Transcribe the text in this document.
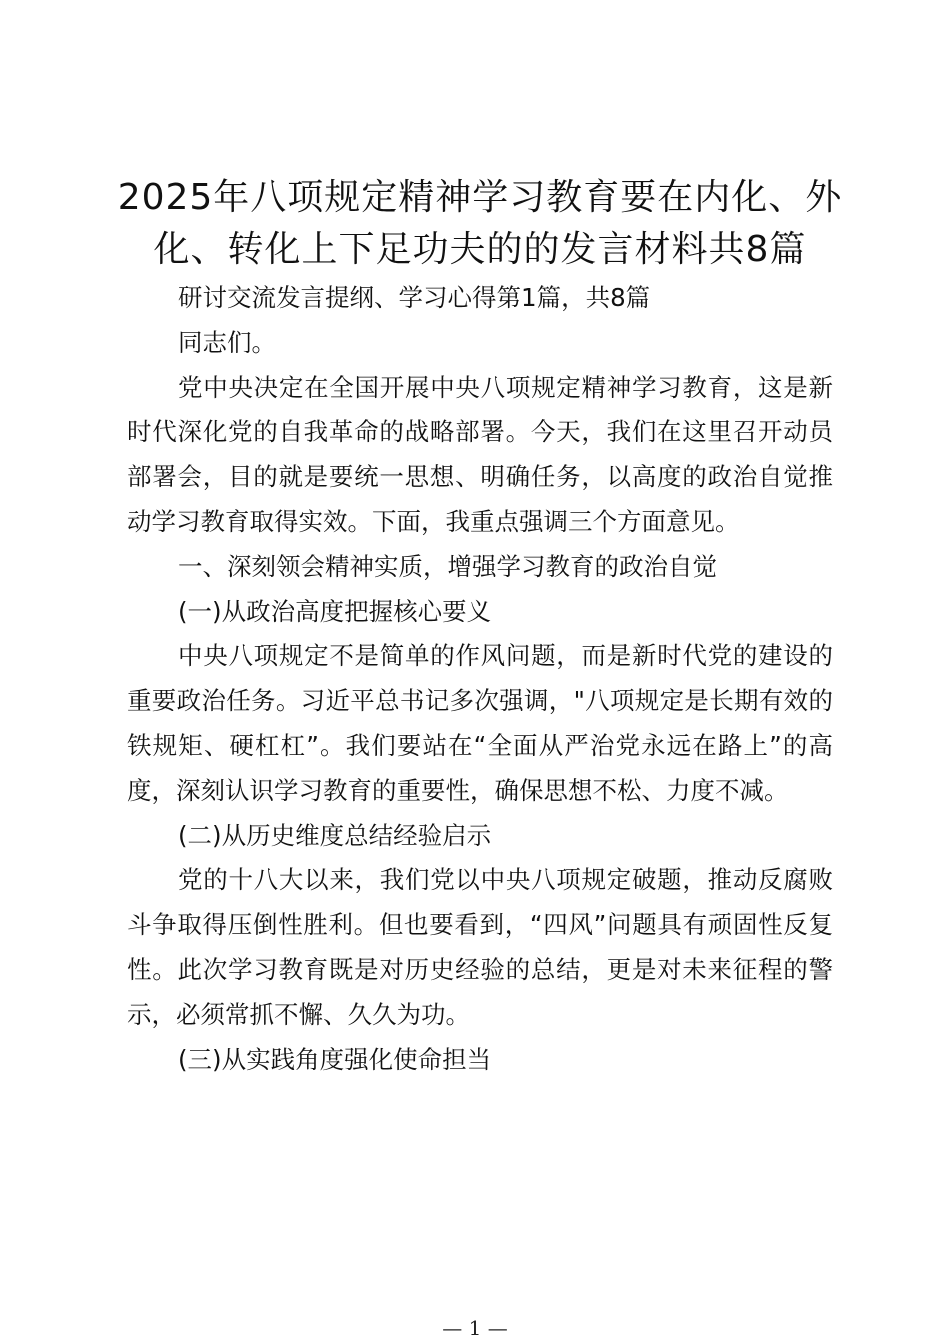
2025年八项规定精神学习教育要在内化、外化、转化上下足功夫的的发言材料共8篇

研讨交流发言提纲、学习心得第1篇，共8篇

同志们。

党中央决定在全国开展中央八项规定精神学习教育，这是新时代深化党的自我革命的战略部署。今天，我们在这里召开动员部署会，目的就是要统一思想、明确任务，以高度的政治自觉推动学习教育取得实效。下面，我重点强调三个方面意见。

一、深刻领会精神实质，增强学习教育的政治自觉

(一)从政治高度把握核心要义

中央八项规定不是简单的作风问题，而是新时代党的建设的重要政治任务。习近平总书记多次强调，"八项规定是长期有效的铁规矩、硬杠杠”。我们要站在“全面从严治党永远在路上”的高度，深刻认识学习教育的重要性，确保思想不松、力度不减。

(二)从历史维度总结经验启示

党的十八大以来，我们党以中央八项规定破题，推动反腐败斗争取得压倒性胜利。但也要看到，“四风”问题具有顽固性反复性。此次学习教育既是对历史经验的总结，更是对未来征程的警示，必须常抓不懈、久久为功。

(三)从实践角度强化使命担当

— 1 —
